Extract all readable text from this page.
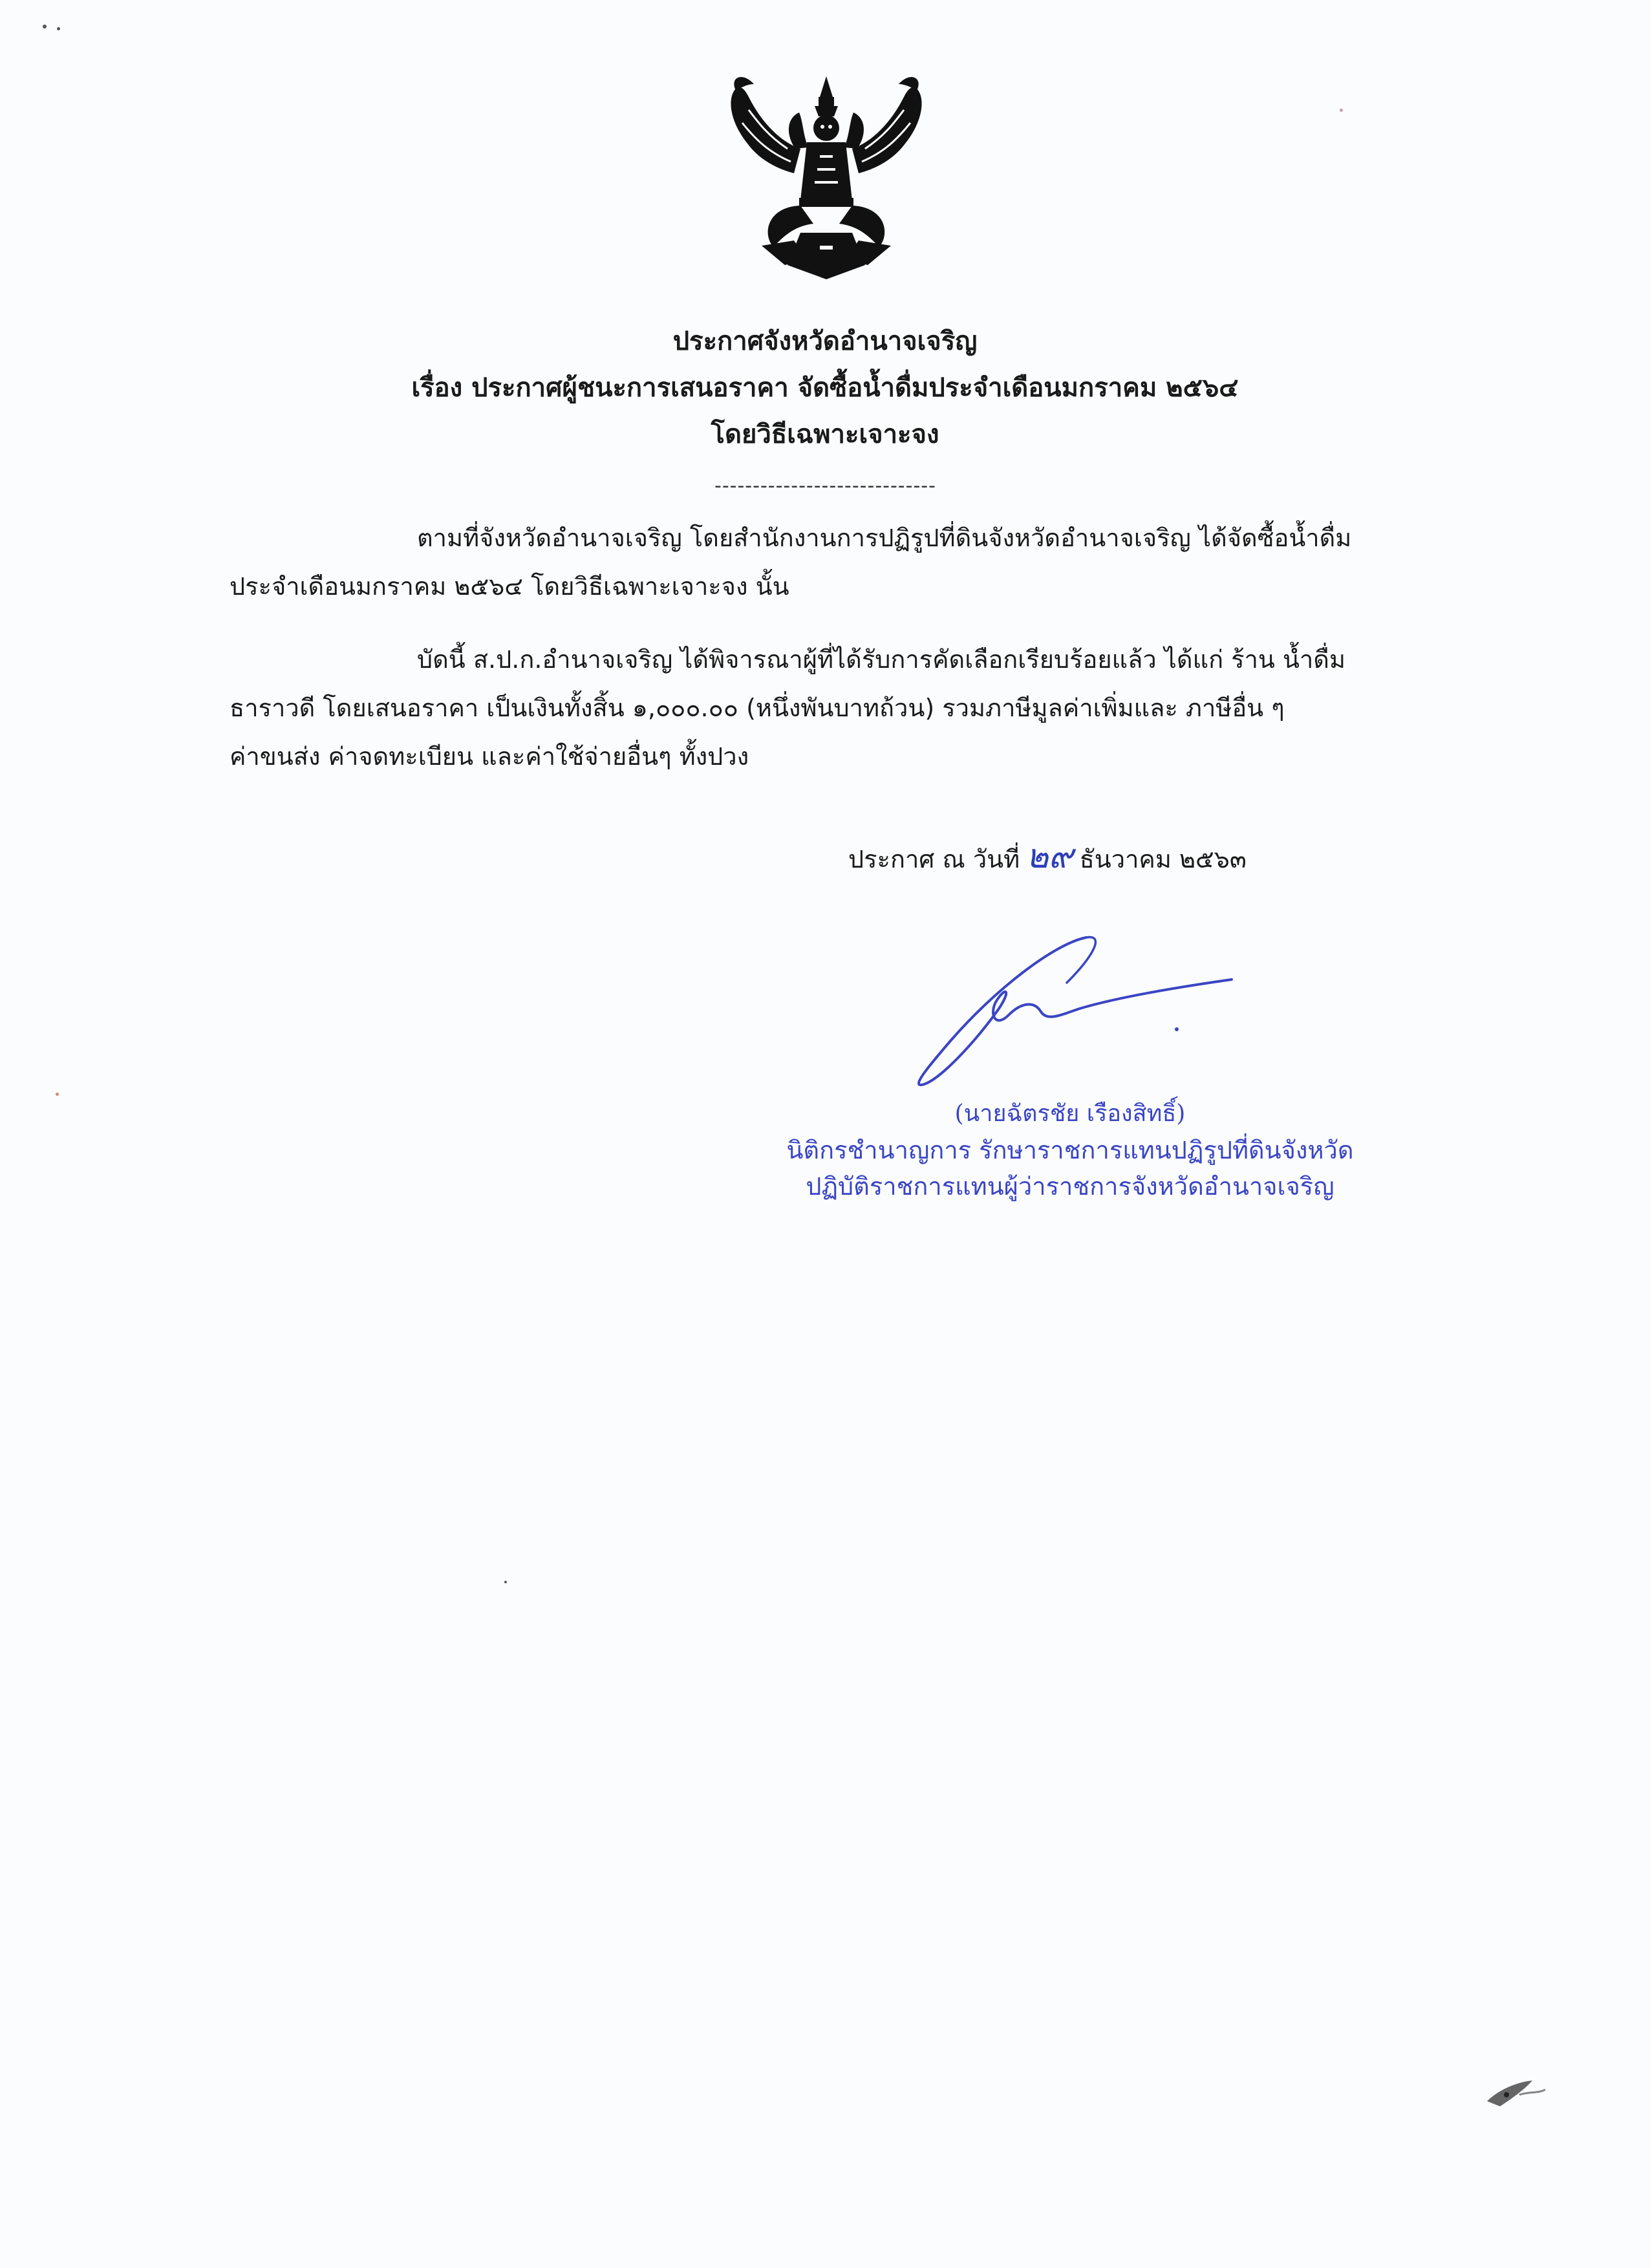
ประกาศจังหวัดอำนาจเจริญ
เรื่อง ประกาศผู้ชนะการเสนอราคา จัดซื้อน้ำดื่มประจำเดือนมกราคม ๒๕๖๔
โดยวิธีเฉพาะเจาะจง
-----------------------------
ตามที่จังหวัดอำนาจเจริญ โดยสำนักงานการปฏิรูปที่ดินจังหวัดอำนาจเจริญ ได้จัดซื้อน้ำดื่ม
ประจำเดือนมกราคม ๒๕๖๔ โดยวิธีเฉพาะเจาะจง นั้น
บัดนี้ ส.ป.ก.อำนาจเจริญ ได้พิจารณาผู้ที่ได้รับการคัดเลือกเรียบร้อยแล้ว ได้แก่ ร้าน น้ำดื่ม
ธาราวดี โดยเสนอราคา เป็นเงินทั้งสิ้น ๑,๐๐๐.๐๐ (หนึ่งพันบาทถ้วน) รวมภาษีมูลค่าเพิ่มและ ภาษีอื่น ๆ
ค่าขนส่ง ค่าจดทะเบียน และค่าใช้จ่ายอื่นๆ ทั้งปวง
ประกาศ ณ วันที่ ๒๙ ธันวาคม ๒๕๖๓
(นายฉัตรชัย เรืองสิทธิ์)
นิติกรชำนาญการ รักษาราชการแทนปฏิรูปที่ดินจังหวัด
ปฏิบัติราชการแทนผู้ว่าราชการจังหวัดอำนาจเจริญ
